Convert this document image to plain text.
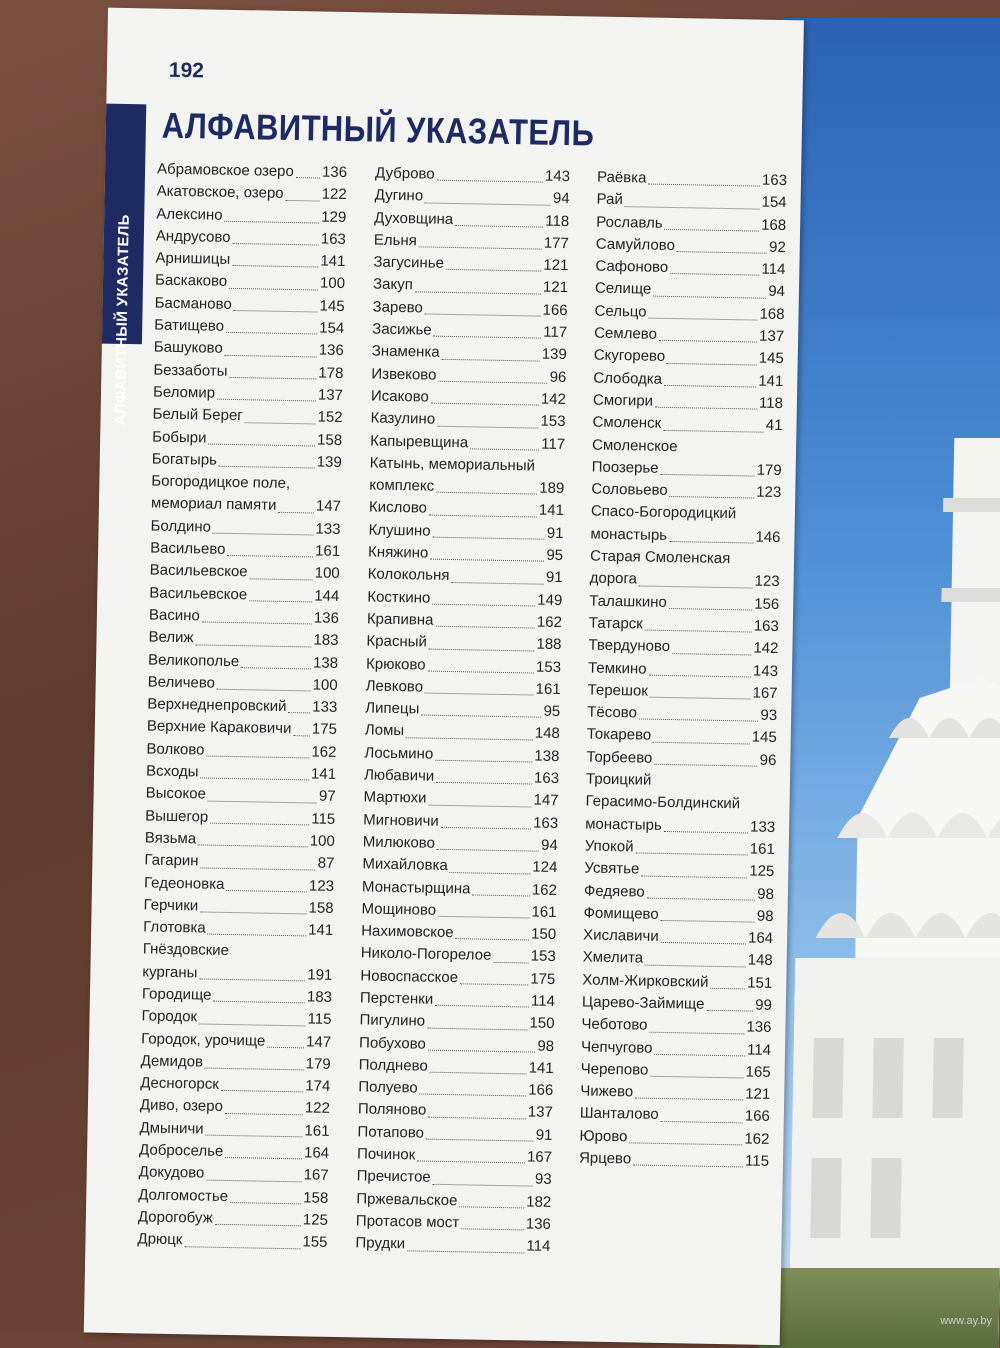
192
АЛФАВИТНЫЙ УКАЗАТЕЛЬ
АЛФАВИТНЫЙ УКАЗАТЕЛЬ
Абрамовское озеро 136
Акатовское, озеро	122
Алексино	129
Андрусово	163
Арнишицы	141
Баскаково	100
Басманово	145
Батищево	154
Башуково	136
Беззаботы	178
Беломир	137
Белый Берег	152
Бобыри	158
Богатырь	139
Богородицкое поле,
мемориал памяти	147
Болдино	133
Васильево	161
Васильевское	100
Васильевское	144
Васино	136
Велиж	183
Великополье	138
Величево	100
Верхнеднепровский 133
Верхние Караковичи 175
Волково	162
Всходы	141
Высокое	97
Вышегор	115
Вязьма	100
Гагарин	87
Гедеоновка	123
Герчики	158
Глотовка	141
Гнёздовские
курганы	191
Городище	183
Городок	115
Городок, урочище	147
Демидов	179
Десногорск	174
Диво, озеро	122
Дмыничи	161
Доброселье	164
Докудово	167
Долгомостье	158
Дорогобуж	125
Дрюцк	155
Дуброво	143
Дугино	94
Духовщина	118
Ельня	177
Загусинье	121
Закуп	121
Зарево	166
Засижье	117
Знаменка	139
Извеково	96
Исаково	142
Казулино	153
Капыревщина	117
Катынь, мемориальный
комплекс	189
Кислово	141
Клушино	91
Княжино	95
Колокольня	91
Косткино	149
Крапивна	162
Красный	188
Крюково	153
Левково	161
Липецы	95
Ломы	148
Лосьмино	138
Любавичи	163
Мартюхи	147
Мигновичи	163
Милюково	94
Михайловка	124
Монастырщина	162
Мощиново	161
Нахимовское	150
Николо-Погорелое	153
Новоспасское	175
Перстенки	114
Пигулино	150
Побухово	98
Полднево	141
Полуево	166
Поляново	137
Потапово	91
Починок	167
Пречистое	93
Пржевальское	182
Протасов мост	136
Прудки	114
Раёвка	163
Рай	154
Рославль	168
Самуйлово	92
Сафоново	114
Селище	94
Сельцо	168
Семлево	137
Скугорево	145
Слободка	141
Смогири	118
Смоленск	41
Смоленское
Поозерье	179
Соловьево	123
Спасо-Богородицкий
монастырь	146
Старая Смоленская
дорога	123
Талашкино	156
Татарск	163
Твердуново	142
Темкино	143
Терешок	167
Тёсово	93
Токарево	145
Торбеево	96
Троицкий
Герасимо-Болдинский
монастырь	133
Упокой	161
Усвятье	125
Федяево	98
Фомищево	98
Хиславичи	164
Хмелита	148
Холм-Жирковский	151
Царево-Займище	99
Чеботово	136
Чепчугово	114
Черепово	165
Чижево	121
Шанталово	166
Юрово	162
Ярцево	115
www.ay.by
